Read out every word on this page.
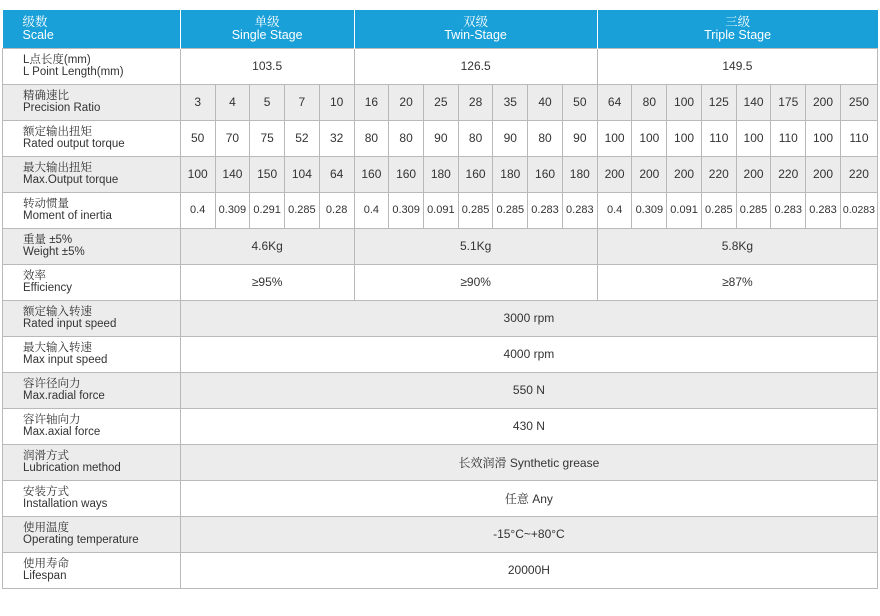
级数
Scale	单级
Single Stage					双级
Twin-Stage							三级
Triple Stage							

L点长度(mm)
L Point Length(mm)	103.5					126.5							149.5							

精确速比
Precision Ratio	3	4	5	7	10	16	20	25	28	35	40	50	64	80	100	125	140	175	200	250

额定输出扭矩
Rated output torque	50	70	75	52	32	80	80	90	80	90	80	90	100	100	100	110	100	110	100	110

最大输出扭矩
Max.Output torque	100	140	150	104	64	160	160	180	160	180	160	180	200	200	200	220	200	220	200	220

转动惯量
Moment of inertia	0.4	0.309	0.291	0.285	0.28	0.4	0.309	0.091	0.285	0.285	0.283	0.283	0.4	0.309	0.091	0.285	0.285	0.283	0.283	0.0283

重量 ±5%
Weight ±5%	4.6Kg					5.1Kg							5.8Kg							

效率
Efficiency	≥95%					≥90%							≥87%							

额定输入转速
Rated input speed	3000 rpm																			

最大输入转速
Max input speed	4000 rpm																			

容许径向力
Max.radial force	550 N																			

容许轴向力
Max.axial force	430 N																			

润滑方式
Lubrication method	长效润滑 Synthetic grease																			

安装方式
Installation ways	任意 Any																			

使用温度
Operating temperature	-15°C~+80°C																			

使用寿命
Lifespan	20000H																			
